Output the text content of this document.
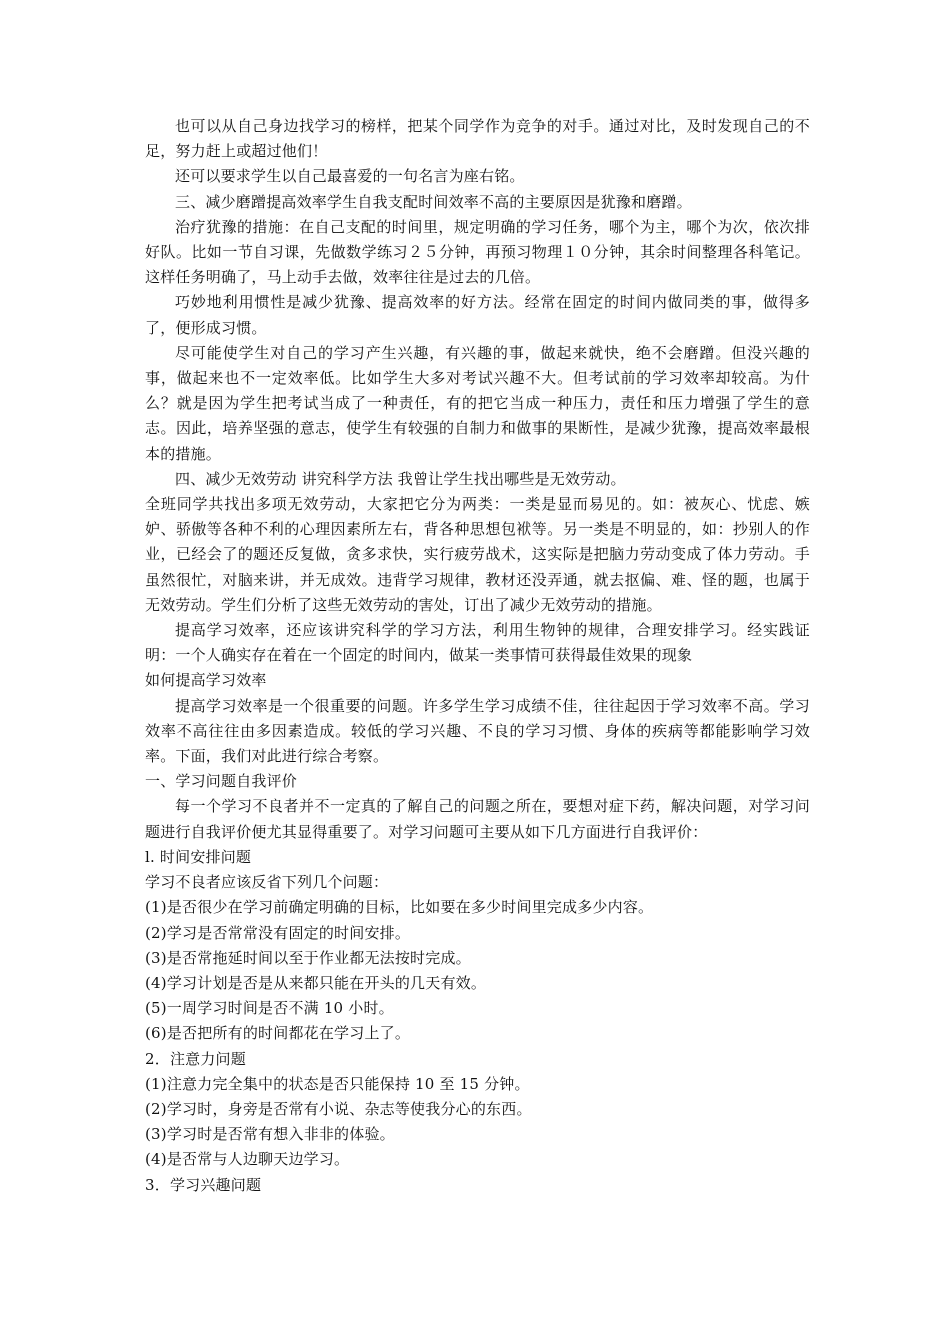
也可以从自己身边找学习的榜样，把某个同学作为竞争的对手。通过对比，及时发现自己的不足，努力赶上或超过他们！

还可以要求学生以自己最喜爱的一句名言为座右铭。

三、减少磨蹭提高效率学生自我支配时间效率不高的主要原因是犹豫和磨蹭。

治疗犹豫的措施：在自己支配的时间里，规定明确的学习任务，哪个为主，哪个为次，依次排好队。比如一节自习课，先做数学练习２５分钟，再预习物理１０分钟，其余时间整理各科笔记。这样任务明确了，马上动手去做，效率往往是过去的几倍。

巧妙地利用惯性是减少犹豫、提高效率的好方法。经常在固定的时间内做同类的事，做得多了，便形成习惯。

尽可能使学生对自己的学习产生兴趣，有兴趣的事，做起来就快，绝不会磨蹭。但没兴趣的事，做起来也不一定效率低。比如学生大多对考试兴趣不大。但考试前的学习效率却较高。为什么？就是因为学生把考试当成了一种责任，有的把它当成一种压力，责任和压力增强了学生的意志。因此，培养坚强的意志，使学生有较强的自制力和做事的果断性，是减少犹豫，提高效率最根本的措施。

四、减少无效劳动 讲究科学方法 我曾让学生找出哪些是无效劳动。

全班同学共找出多项无效劳动，大家把它分为两类：一类是显而易见的。如：被灰心、忧虑、嫉妒、骄傲等各种不利的心理因素所左右，背各种思想包袱等。另一类是不明显的，如：抄别人的作业，已经会了的题还反复做，贪多求快，实行疲劳战术，这实际是把脑力劳动变成了体力劳动。手虽然很忙，对脑来讲，并无成效。违背学习规律，教材还没弄通，就去抠偏、难、怪的题，也属于无效劳动。学生们分析了这些无效劳动的害处，订出了减少无效劳动的措施。

提高学习效率，还应该讲究科学的学习方法，利用生物钟的规律，合理安排学习。经实践证明：一个人确实存在着在一个固定的时间内，做某一类事情可获得最佳效果的现象

如何提高学习效率

提高学习效率是一个很重要的问题。许多学生学习成绩不佳，往往起因于学习效率不高。学习效率不高往往由多因素造成。较低的学习兴趣、不良的学习习惯、身体的疾病等都能影响学习效率。下面，我们对此进行综合考察。

一、学习问题自我评价

每一个学习不良者并不一定真的了解自己的问题之所在，要想对症下药，解决问题，对学习问题进行自我评价便尤其显得重要了。对学习问题可主要从如下几方面进行自我评价：

l. 时间安排问题

学习不良者应该反省下列几个问题：

(1)是否很少在学习前确定明确的目标，比如要在多少时间里完成多少内容。

(2)学习是否常常没有固定的时间安排。

(3)是否常拖延时间以至于作业都无法按时完成。

(4)学习计划是否是从来都只能在开头的几天有效。

(5)一周学习时间是否不满 10 小时。

(6)是否把所有的时间都花在学习上了。

2．注意力问题

(1)注意力完全集中的状态是否只能保持 10 至 15 分钟。

(2)学习时，身旁是否常有小说、杂志等使我分心的东西。

(3)学习时是否常有想入非非的体验。

(4)是否常与人边聊天边学习。

3．学习兴趣问题
